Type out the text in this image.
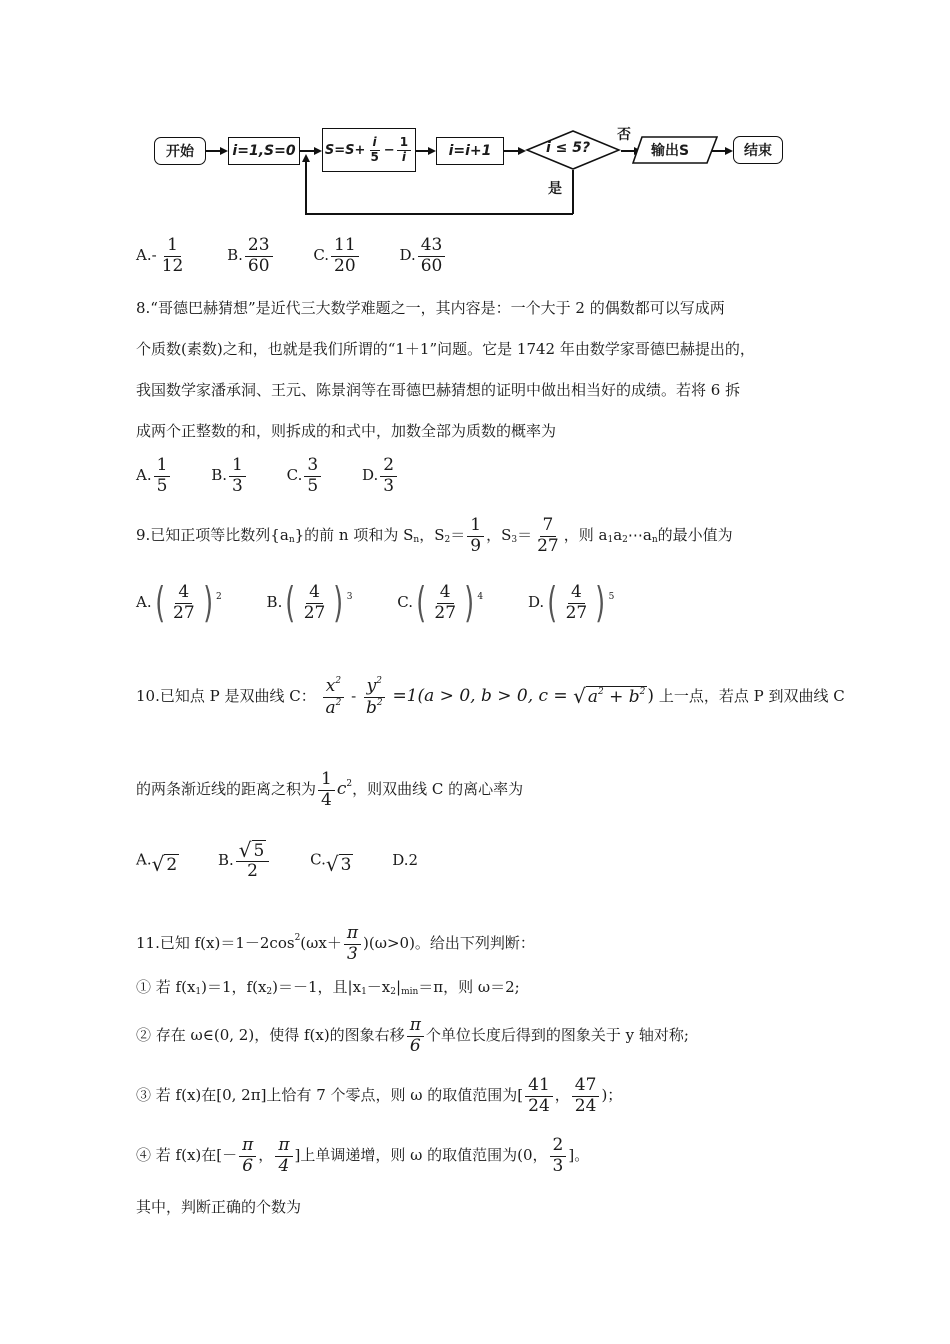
开始	i=1,S=0 $S=S+ \frac{i}{5} - \frac{1}{i}$	i=i+1	i ≤ 5?
否
输出S	结束
是
$A.- \frac{1}{12}$	B. $\frac{23}{60}$	C. $\frac{11}{20}$	D. $\frac{43}{60}$
8.“哥德巴赫猜想”是近代三大数学难题之一，其内容是：一个大于 2 的偶数都可以写成两
个质数(素数)之和，也就是我们所谓的“1＋1”问题。它是 1742 年由数学家哥德巴赫提出的，
我国数学家潘承洞、王元、陈景润等在哥德巴赫猜想的证明中做出相当好的成绩。若将 6 拆
成两个正整数的和，则拆成的和式中，加数全部为质数的概率为
A. $\frac{1}{5}$	B. $\frac{1}{3}$	C. $\frac{3}{5}$	D. $\frac{2}{3}$
9.已知正项等比数列$\{a_n\}$的前 n 项和为 $S_n$，$S_2= \frac{1}{9}$ ，$S_3= \frac{7}{27}$ ，则 $a_1a_2\cdots a_n$的最小值为
A. ( 4
27 ) $^2$	B. ( 4
27 ) $^3$	C. ( 4
27 ) $^4$	D. ( 4
27 ) $^5$
10.已知点 P 是双曲线 C： $\frac{x^2}{a^2} - \frac{y^2}{b^2} =1(a > 0$, b > 0, c = √ $a^2 + b^2$ ) 上一点，若点 P 到双曲线 C
的两条渐近线的距离之积为 $\frac{1}{4} c^2$，则双曲线 C 的离心率为
A. √ 2	B. $\frac{√ 5}{2}$	C. √ 3	D.2
11.已知 $f(x)=1-2\cos^2(\omega x+ \frac{\pi}{3} )(\omega>0)$。给出下列判断：
① 若 $f(x_1)=1$，$f(x_2)=-1$，且$|x_1-x_2|_{min}=\pi$，则 ω＝2;
② 存在 ω∈(0, 2)，使得 f(x)的图象右移 $\frac{\pi}{6}$ 个单位长度后得到的图象关于 y 轴对称;
③ 若 f(x)在[0, 2π]上恰有 7 个零点，则 ω 的取值范围为[ $\frac{41}{24}$ ， $\frac{47}{24}$ )；
④ 若 f(x)在[－ $\frac{\pi}{6}$ ， $\frac{\pi}{4}$ ]上单调递增，则 ω 的取值范围为(0， $\frac{2}{3}$ ]。
其中，判断正确的个数为
